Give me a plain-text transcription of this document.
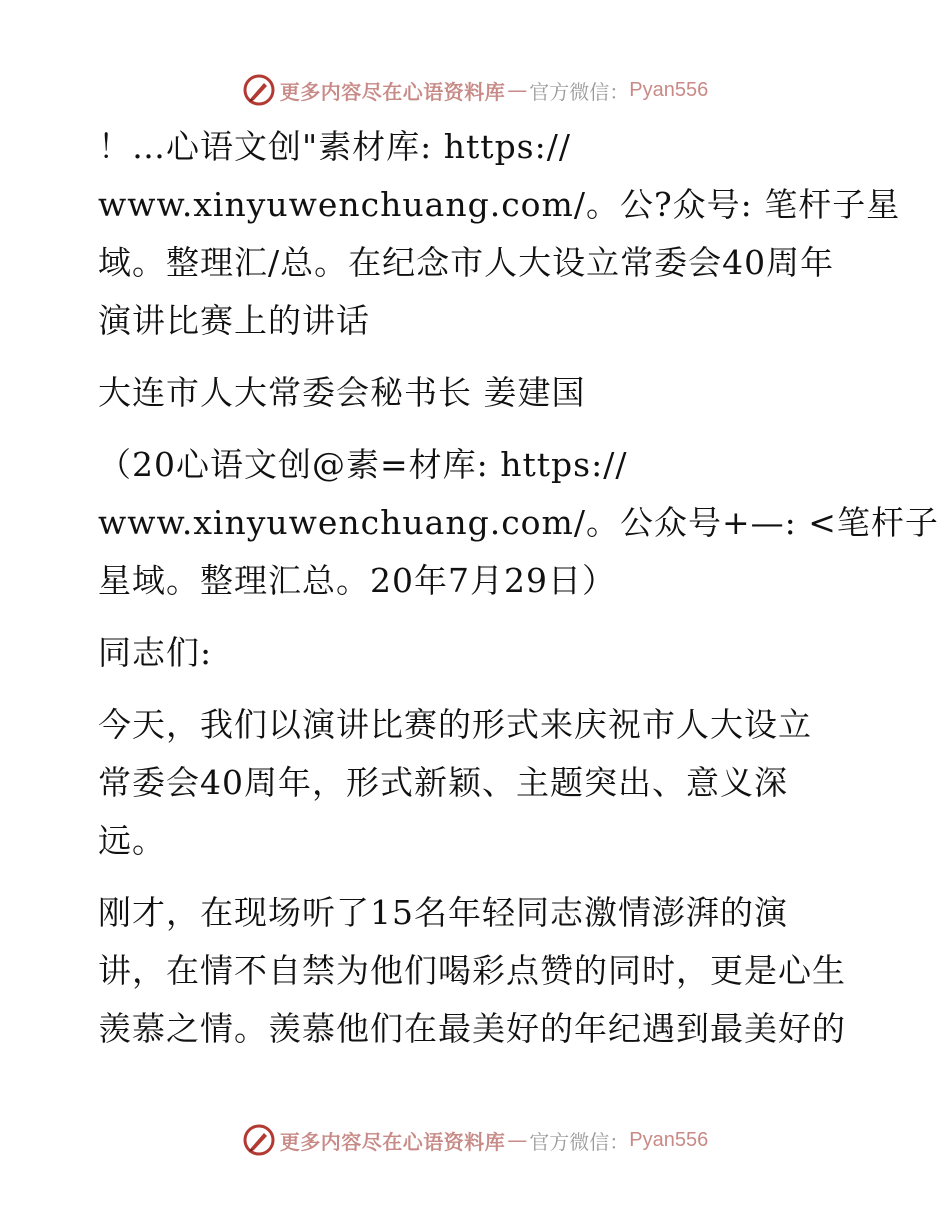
更多内容尽在心语资料库 — 官方微信： Pyan556
！…心语文创"素材库: https://
www.xinyuwenchuang.com/。公?众号: 笔杆子星
域。整理汇/总。在纪念市人大设立常委会40周年
演讲比赛上的讲话
大连市人大常委会秘书长 姜建国
（20心语文创@素=材库: https://
www.xinyuwenchuang.com/。公众号+—: <笔杆子
星域。整理汇总。20年7月29日）
同志们:
今天，我们以演讲比赛的形式来庆祝市人大设立
常委会40周年，形式新颖、主题突出、意义深
远。
刚才，在现场听了15名年轻同志激情澎湃的演
讲，在情不自禁为他们喝彩点赞的同时，更是心生
羡慕之情。羡慕他们在最美好的年纪遇到最美好的
更多内容尽在心语资料库 — 官方微信： Pyan556
